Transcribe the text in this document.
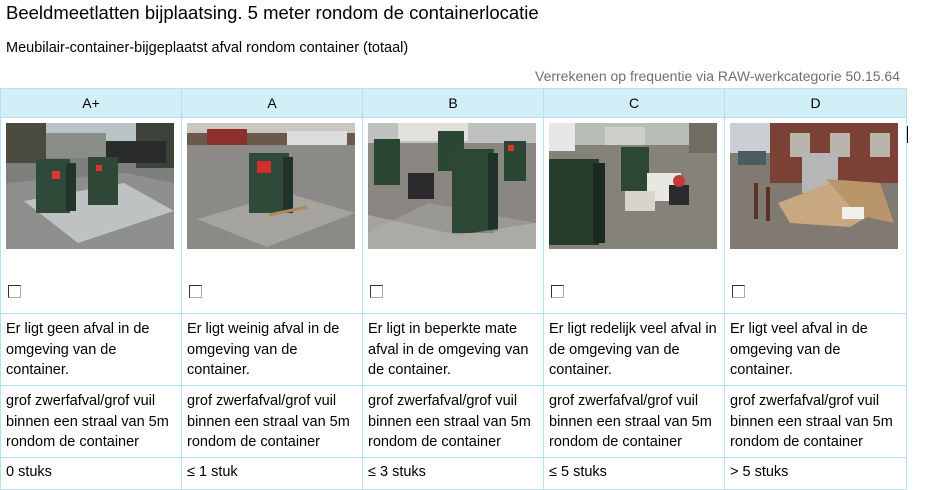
Beeldmeetlatten bijplaatsing. 5 meter rondom de containerlocatie
Meubilair-container-bijgeplaatst afval rondom container (totaal)
Verrekenen op frequentie via RAW-werkcategorie 50.15.64
A+	A	B	C	D

Er ligt geen afval in de omgeving van de container.	Er ligt weinig afval in de omgeving van de container.	Er ligt in beperkte mate afval in de omgeving van de container.	Er ligt redelijk veel afval in de omgeving van de container.	Er ligt veel afval in de omgeving van de container.

grof zwerfafval/grof vuil binnen een straal van 5m rondom de container	grof zwerfafval/grof vuil binnen een straal van 5m rondom de container	grof zwerfafval/grof vuil binnen een straal van 5m rondom de container	grof zwerfafval/grof vuil binnen een straal van 5m rondom de container	grof zwerfafval/grof vuil binnen een straal van 5m rondom de container

0 stuks	≤ 1 stuk	≤ 3 stuks	≤ 5 stuks	> 5 stuks
